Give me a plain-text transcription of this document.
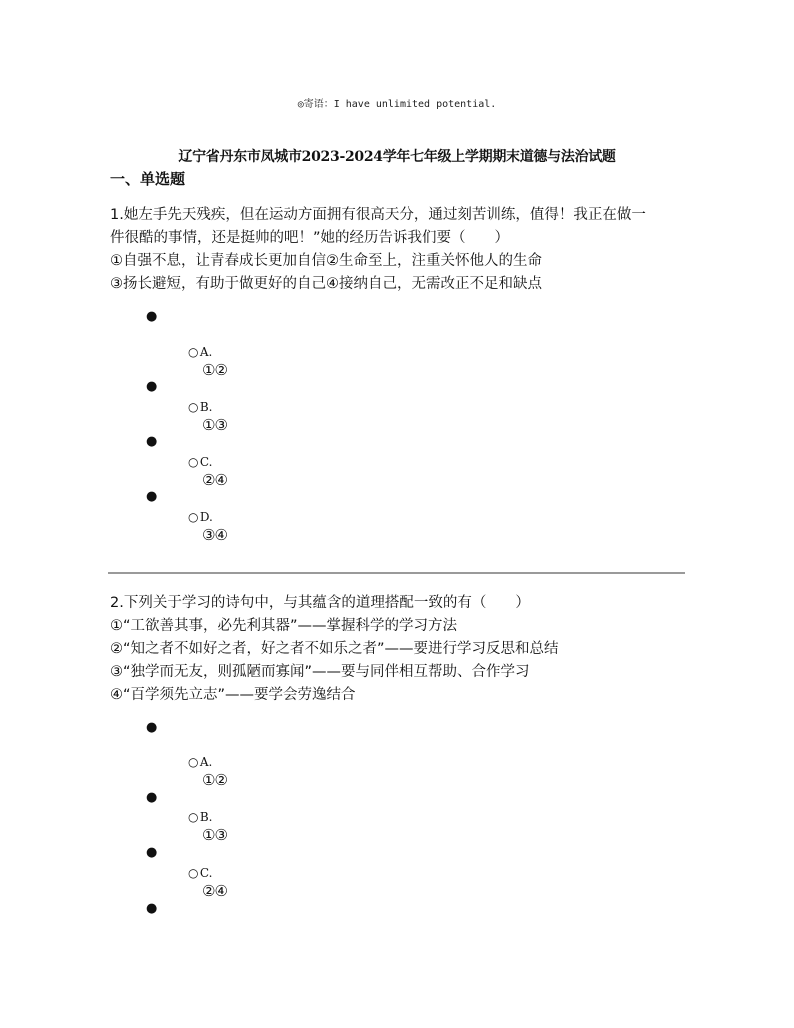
◎寄语：I have unlimited potential.
辽宁省丹东市凤城市2023-2024学年七年级上学期期末道德与法治试题
一、单选题

1.她左手先天残疾，但在运动方面拥有很高天分，通过刻苦训练，值得！我正在做一

件很酷的事情，还是挺帅的吧！”她的经历告诉我们要（　　）

①自强不息，让青春成长更加自信②生命至上，注重关怀他人的生命

③扬长避短，有助于做更好的自己④接纳自己，无需改正不足和缺点

●
○ A.
①②
●
○ B.
①③
●
○ C.
②④
●
○ D.
③④

2.下列关于学习的诗句中，与其蕴含的道理搭配一致的有（　　）

①“工欲善其事，必先利其器”——掌握科学的学习方法

②“知之者不如好之者，好之者不如乐之者”——要进行学习反思和总结

③“独学而无友，则孤陋而寡闻”——要与同伴相互帮助、合作学习

④“百学须先立志”——要学会劳逸结合

●
○ A.
①②
●
○ B.
①③
●
○ C.
②④
●
